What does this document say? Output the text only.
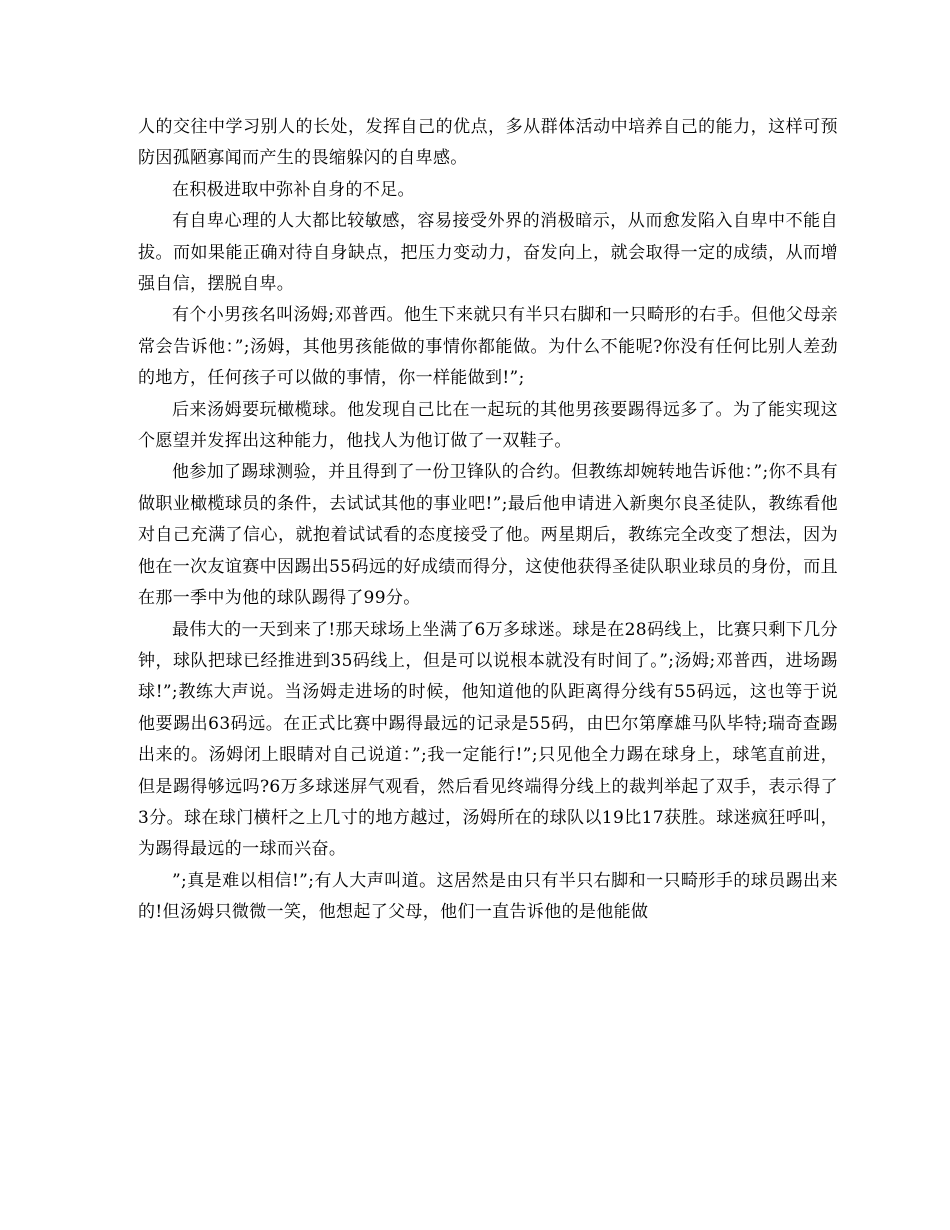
人的交往中学习别人的长处，发挥自己的优点，多从群体活动中培养自己的能力，这样可预防因孤陋寡闻而产生的畏缩躲闪的自卑感。

在积极进取中弥补自身的不足。

有自卑心理的人大都比较敏感，容易接受外界的消极暗示，从而愈发陷入自卑中不能自拔。而如果能正确对待自身缺点，把压力变动力，奋发向上，就会取得一定的成绩，从而增强自信，摆脱自卑。

有个小男孩名叫汤姆;邓普西。他生下来就只有半只右脚和一只畸形的右手。但他父母亲常会告诉他：”;汤姆，其他男孩能做的事情你都能做。为什么不能呢?你没有任何比别人差劲的地方，任何孩子可以做的事情，你一样能做到!”;

后来汤姆要玩橄榄球。他发现自己比在一起玩的其他男孩要踢得远多了。为了能实现这个愿望并发挥出这种能力，他找人为他订做了一双鞋子。

他参加了踢球测验，并且得到了一份卫锋队的合约。但教练却婉转地告诉他：”;你不具有做职业橄榄球员的条件，去试试其他的事业吧!”;最后他申请进入新奥尔良圣徒队，教练看他对自己充满了信心，就抱着试试看的态度接受了他。两星期后，教练完全改变了想法，因为他在一次友谊赛中因踢出55码远的好成绩而得分，这使他获得圣徒队职业球员的身份，而且在那一季中为他的球队踢得了99分。

最伟大的一天到来了!那天球场上坐满了6万多球迷。球是在28码线上，比赛只剩下几分钟，球队把球已经推进到35码线上，但是可以说根本就没有时间了。”;汤姆;邓普西，进场踢球!”;教练大声说。当汤姆走进场的时候，他知道他的队距离得分线有55码远，这也等于说他要踢出63码远。在正式比赛中踢得最远的记录是55码，由巴尔第摩雄马队毕特;瑞奇查踢出来的。汤姆闭上眼睛对自己说道：”;我一定能行!”;只见他全力踢在球身上，球笔直前进，但是踢得够远吗?6万多球迷屏气观看，然后看见终端得分线上的裁判举起了双手，表示得了3分。球在球门横杆之上几寸的地方越过，汤姆所在的球队以19比17获胜。球迷疯狂呼叫，为踢得最远的一球而兴奋。

”;真是难以相信!”;有人大声叫道。这居然是由只有半只右脚和一只畸形手的球员踢出来的!但汤姆只微微一笑，他想起了父母，他们一直告诉他的是他能做
